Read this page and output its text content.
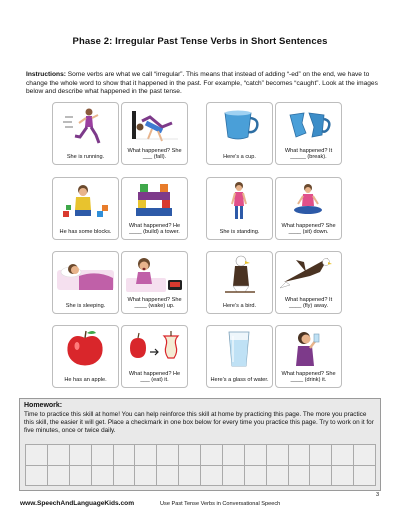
Phase 2: Irregular Past Tense Verbs in Short Sentences
Instructions: Some verbs are what we call “irregular”. This means that instead of adding “-ed” on the end, we have to change the whole word to show that it happened in the past. For example, “catch” becomes “caught”. Look at the images below and describe what happened in the past tense.
She is running.
What happened? She ___ (fall).	Here’s a cup.
What happened? It _____ (break).
He has some blocks.
What happened? He ____ (build) a tower.	She is standing.
What happened? She ____ (sit) down.
She is sleeping.
What happened? She ____ (wake) up.	Here’s a bird.
What happened? It ____ (fly) away.
He has an apple.
What happened? He ___ (eat) it.	Here’s a glass of water.
What happened? She ____ (drink) it.
Homework:
Time to practice this skill at home! You can help reinforce this skill at home by practicing this page. The more you practice this skill, the easier it will get. Place a checkmark in one box below for every time you practice this page. Try to work on it for five minutes, once or twice daily.
www.SpeechAndLanguageKids.com	Use Past Tense Verbs in Conversational Speech
3
